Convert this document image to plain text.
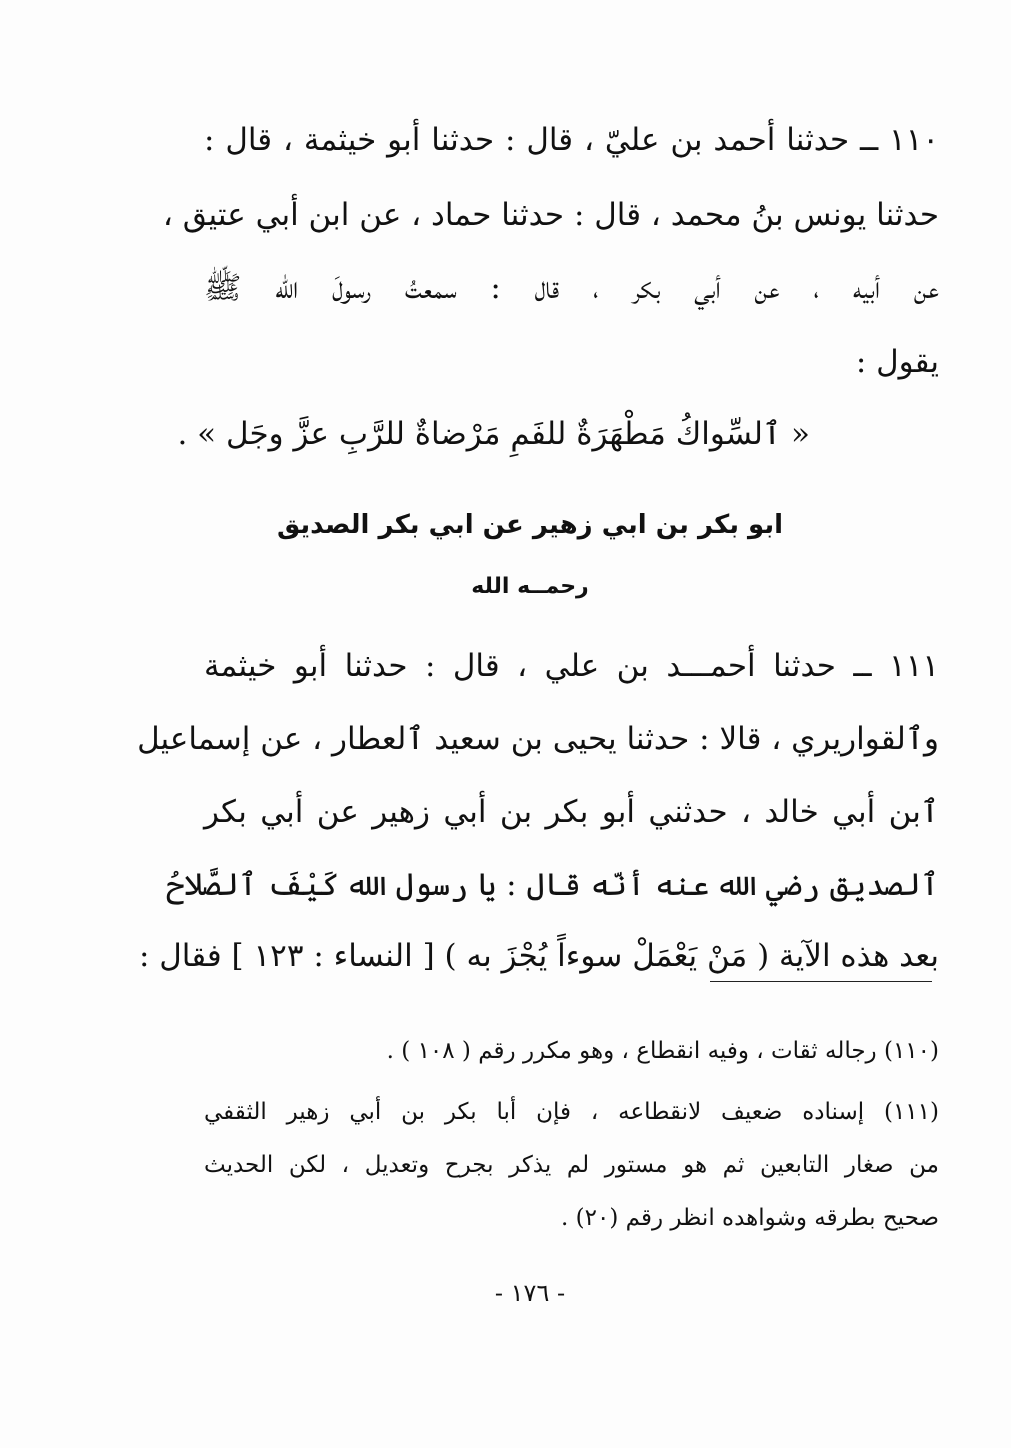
١١٠ ــ حدثنا أحمد بن عليّ ، قال : حدثنا أبو خيثمة ، قال :
حدثنا يونس بنُ محمد ، قال : حدثنا حماد ، عن ابن أبي عتيق ،
عن أبيه ، عن أبي بكر ، قال : سمعتُ رسولَ الله ﷺ
يقول :
« ٱلسِّواكُ مَطْهَرَةٌ للفَمِ مَرْضاةٌ للرَّبِ عزَّ وجَل » .
ابو بكر بن ابي زهير عن ابي بكر الصديق
رحمــه الله
١١١ ــ حدثنا أحمـــد بن علي ، قال : حدثنا أبو خيثمة
وٱلقواريري ، قالا : حدثنا يحيى بن سعيد ٱلعطار ، عن إسماعيل
ٱبن أبي خالد ، حدثني أبو بكر بن أبي زهير عن أبي بكر
ٱلصديق رضي الله عنه أنّه قال : يا رسول الله كَيْفَ ٱلصَّلاحُ
بعد هذه الآية ( مَنْ يَعْمَلْ سوءاً يُجْزَ به ) [ النساء : ١٢٣ ] فقال :
(١١٠) رجاله ثقات ، وفيه انقطاع ، وهو مكرر رقم ( ١٠٨ ) .
(١١١) إسناده ضعيف لانقطاعه ، فإن أبا بكر بن أبي زهير الثقفي
من صغار التابعين ثم هو مستور لم يذكر بجرح وتعديل ، لكن الحديث
صحيح بطرقه وشواهده انظر رقم (٢٠) .
- ١٧٦ -
